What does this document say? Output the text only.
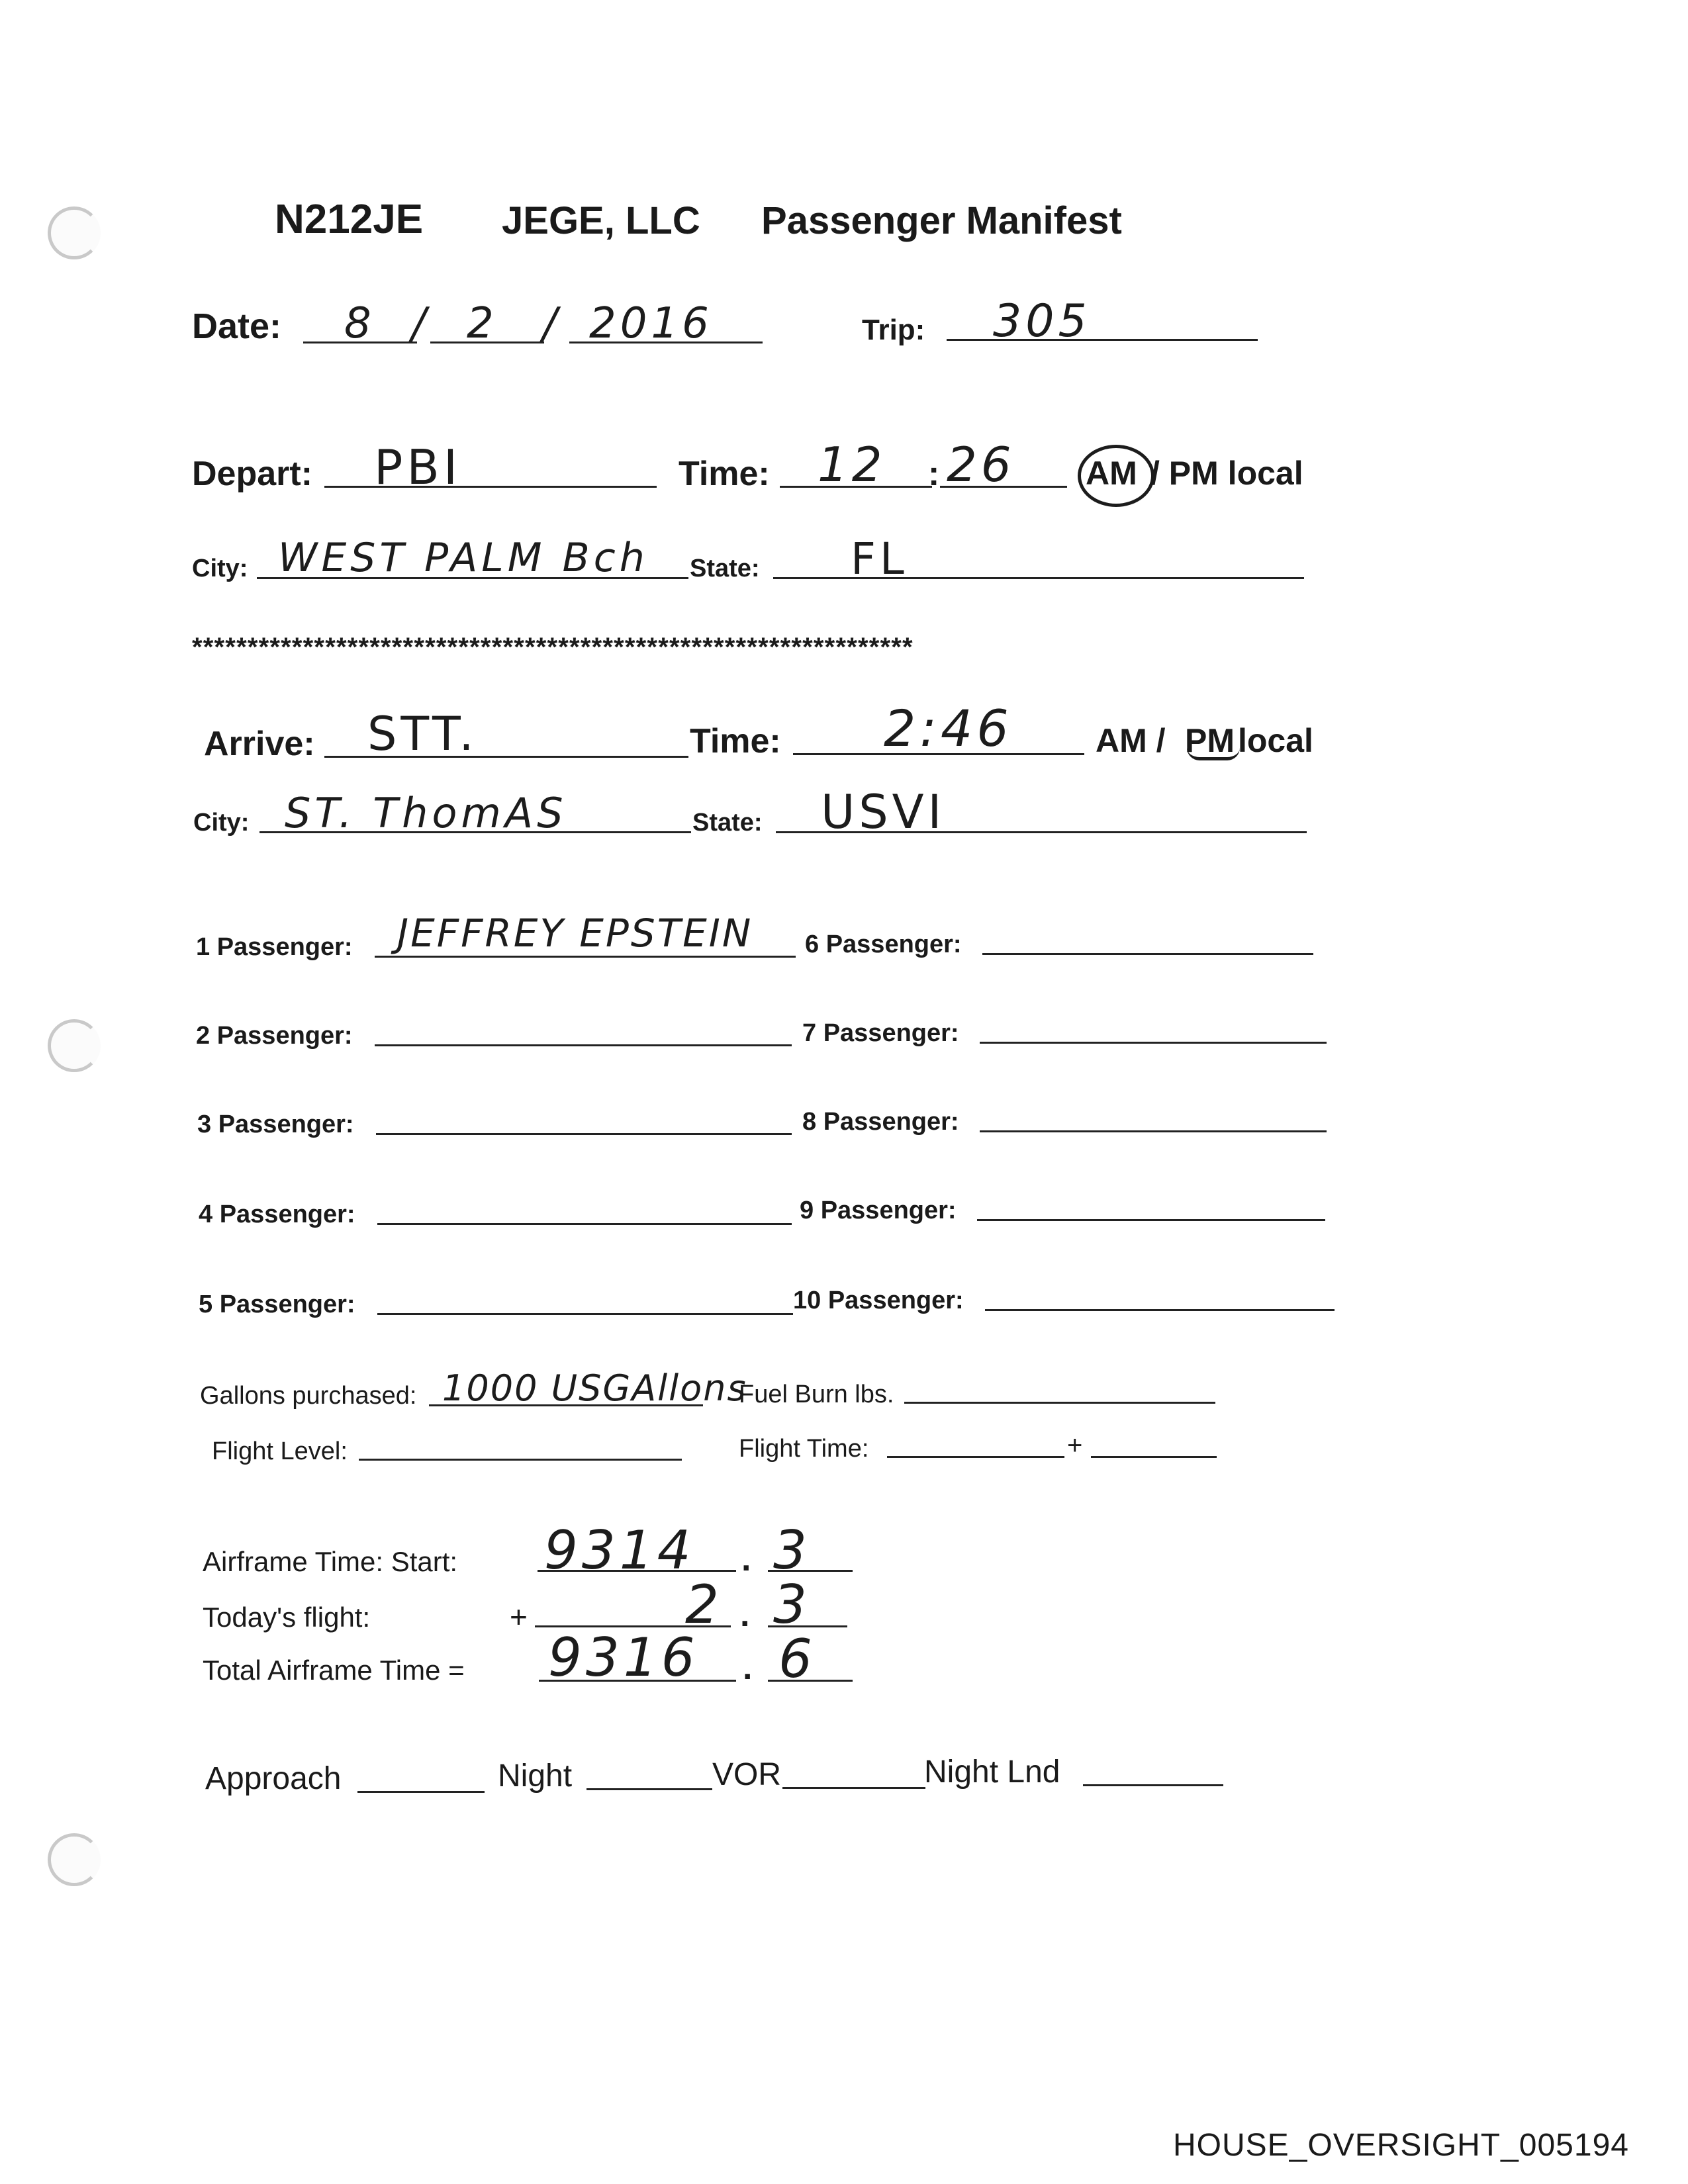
N212JE JEGE, LLC Passenger Manifest
Date: 8 / 2 / 2016	Trip: 305
Depart: PBI	Time: 12 : 26 AM / PM local
City: WEST PALM Bch State: FL
*****************************************************************
Arrive: STT.	Time: 2:46	AM / PM local
City: ST. ThomAS	State: USVI
1 Passenger: JEFFREY EPSTEIN
2 Passenger:
3 Passenger:
4 Passenger:
5 Passenger:
6 Passenger:
7 Passenger:
8 Passenger:
9 Passenger:
10 Passenger:
Gallons purchased: 1000 USGAllons
Fuel Burn lbs.
Flight Level:	Flight Time:	+
Airframe Time: Start: 9314 . 3
Today's flight:	+	2 . 3
Total Airframe Time = 9316 . 6
Approach	Night	VOR	Night Lnd
HOUSE_OVERSIGHT_005194
